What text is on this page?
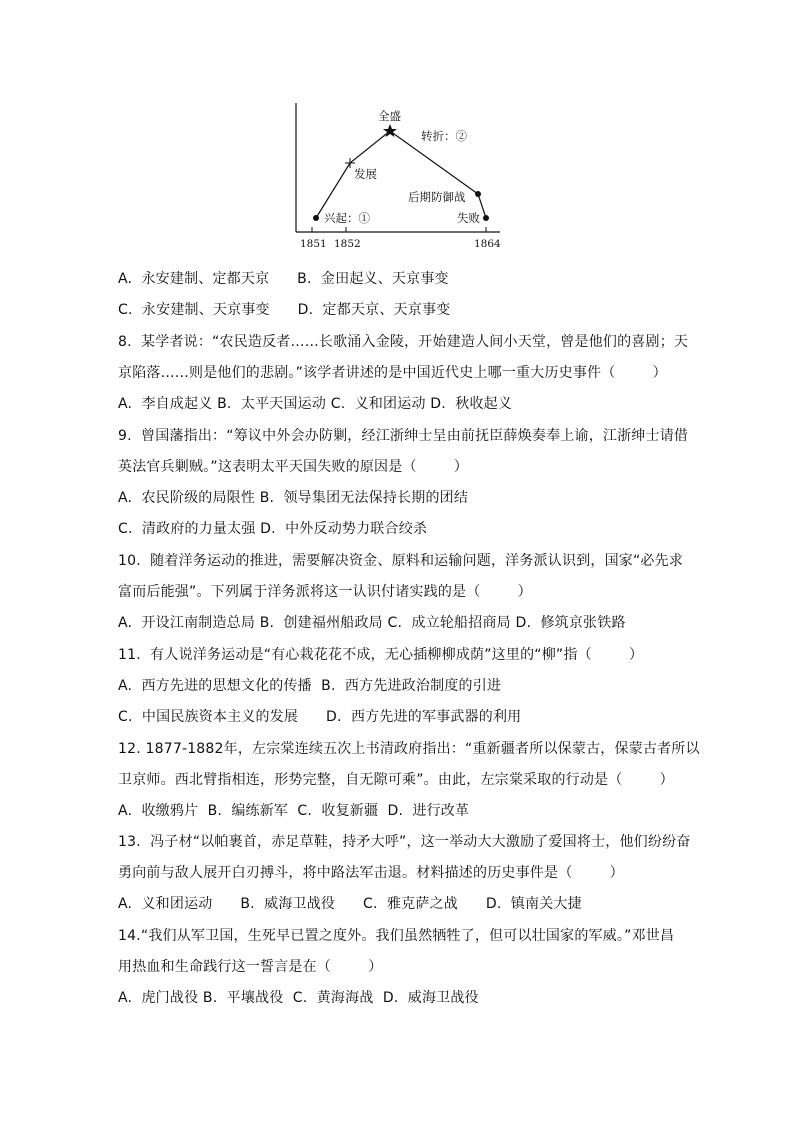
全盛
转折：②
发展
兴起：①
后期防御战
失败
1851 1852	1864
A.  永安建制、定都天京      B.  金田起义、天京事变
C.  永安建制、天京事变      D.  定都天京、天京事变
8.  某学者说：“农民造反者……长歌涌入金陵，开始建造人间小天堂，曾是他们的喜剧；天
京陷落……则是他们的悲剧。”该学者讲述的是中国近代史上哪一重大历史事件（        ）
A.  李自成起义 B.  太平天国运动 C.  义和团运动 D.  秋收起义
9.  曾国藩指出：“筹议中外会办防剿，经江浙绅士呈由前抚臣薛焕奏奉上谕，江浙绅士请借
英法官兵剿贼。”这表明太平天国失败的原因是（        ）
A.  农民阶级的局限性 B.  领导集团无法保持长期的团结
C.  清政府的力量太强 D.  中外反动势力联合绞杀
10.  随着洋务运动的推进，需要解决资金、原料和运输问题，洋务派认识到，国家“必先求
富而后能强”。下列属于洋务派将这一认识付诸实践的是（        ）
A.  开设江南制造总局 B.  创建福州船政局 C.  成立轮船招商局 D.  修筑京张铁路
11.  有人说洋务运动是“有心栽花花不成，无心插柳柳成荫”这里的“柳”指（        ）
A.  西方先进的思想文化的传播  B.  西方先进政治制度的引进
C.  中国民族资本主义的发展      D.  西方先进的军事武器的利用
12. 1877-1882年，左宗棠连续五次上书清政府指出：“重新疆者所以保蒙古，保蒙古者所以
卫京师。西北臂指相连，形势完整，自无隙可乘”。由此，左宗棠采取的行动是（        ）
A.  收缴鸦片  B.  编练新军  C.  收复新疆  D.  进行改革
13.  冯子材“以帕裹首，赤足草鞋，持矛大呼”，这一举动大大激励了爱国将士，他们纷纷奋
勇向前与敌人展开白刃搏斗，将中路法军击退。材料描述的历史事件是（        ）
A.  义和团运动      B.  威海卫战役      C.  雅克萨之战      D.  镇南关大捷
14.“我们从军卫国，生死早已置之度外。我们虽然牺牲了，但可以壮国家的军威。”邓世昌
用热血和生命践行这一誓言是在（        ）
A.  虎门战役 B.  平壤战役  C.  黄海海战  D.  威海卫战役
